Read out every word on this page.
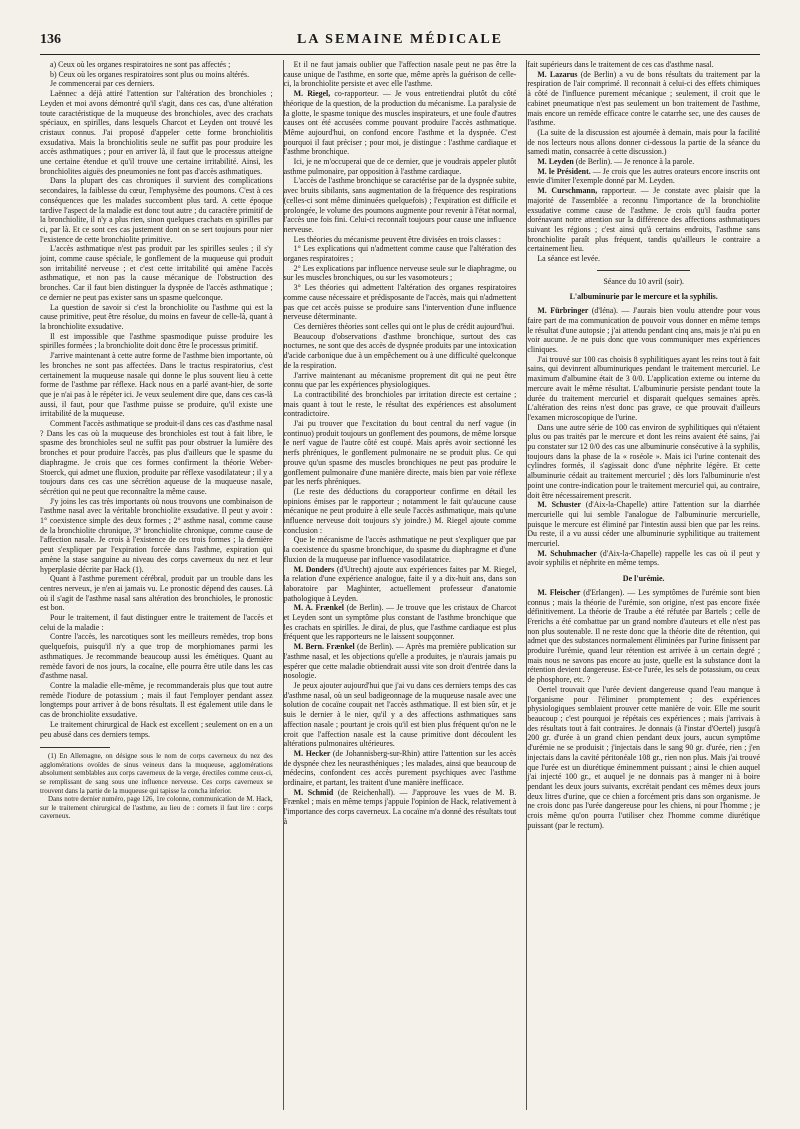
136	LA SEMAINE MÉDICALE

a) Ceux où les organes respiratoires ne sont pas affectés ;

b) Ceux où les organes respiratoires sont plus ou moins altérés.

Je commencerai par ces derniers.

Laënnec a déjà attiré l'attention sur l'altération des bronchioles ; Leyden et moi avons démontré qu'il s'agit, dans ces cas, d'une altération toute caractéristique de la muqueuse des bronchioles, avec des crachats spéciaux, en spirilles, dans lesquels Charcot et Leyden ont trouvé les cristaux connus. J'ai proposé d'appeler cette forme bronchiolitis exsudativa. Mais la bronchiolitis seule ne suffit pas pour produire les accès asthmatiques ; pour en arriver là, il faut que le processus atteigne une certaine étendue et qu'il trouve une certaine irritabilité. Ainsi, les bronchiolites aiguës des pneumonies ne font pas d'accès asthmatiques.

Dans la plupart des cas chroniques il survient des complications secondaires, la faiblesse du cœur, l'emphysème des poumons. C'est à ces conséquences que les malades succombent plus tard. A cette époque tardive l'aspect de la maladie est donc tout autre ; du caractère primitif de la bronchiolite, il n'y a plus rien, sinon quelques crachats en spirilles par ci, par là. Et ce sont ces cas justement dont on se sert toujours pour nier l'existence de cette bronchiolite primitive.

L'accès asthmatique n'est pas produit par les spirilles seules ; il s'y joint, comme cause spéciale, le gonflement de la muqueuse qui produit son irritabilité nerveuse ; et c'est cette irritabilité qui amène l'accès asthmatique, et non pas la cause mécanique de l'obstruction des bronches. Car il faut bien distinguer la dyspnée de l'accès asthmatique ; ce dernier ne peut pas exister sans un spasme quelconque.

La question de savoir si c'est la bronchiolite ou l'asthme qui est la cause primitive, peut être résolue, du moins en faveur de celle-là, quant à la bronchiolite exsudative.

Il est impossible que l'asthme spasmodique puisse produire les spirilles formées ; la bronchiolite doit donc être le processus primitif.

J'arrive maintenant à cette autre forme de l'asthme bien importante, où les bronches ne sont pas affectées. Dans le tractus respiratorius, c'est certainement la muqueuse nasale qui donne le plus souvent lieu à cette forme de l'asthme par réflexe. Hack nous en a parlé avant-hier, de sorte que je n'ai pas à le répéter ici. Je veux seulement dire que, dans ces cas-là aussi, il faut, pour que l'asthme puisse se produire, qu'il existe une irritabilité de la muqueuse.

Comment l'accès asthmatique se produit-il dans ces cas d'asthme nasal ? Dans les cas où la muqueuse des bronchioles est tout à fait libre, le spasme des bronchioles seul ne suffit pas pour obstruer la lumière des bronches et pour produire l'accès, pas plus d'ailleurs que le spasme du diaphragme. Je crois que ces formes confirment la théorie Weber-Stoerck, qui admet une fluxion, produite par réflexe vasodilatateur ; il y a toujours dans ces cas une sécrétion aqueuse de la muqueuse nasale, sécrétion qui ne peut que reconnaître la même cause.

J'y joins les cas très importants où nous trouvons une combinaison de l'asthme nasal avec la véritable bronchiolite exsudative. Il peut y avoir : 1° coexistence simple des deux formes ; 2° asthme nasal, comme cause de la bronchiolite chronique, 3° bronchiolite chronique, comme cause de l'affection nasale. Je crois à l'existence de ces trois formes ; la dernière peut s'expliquer par l'expiration forcée dans l'asthme, expiration qui amène la stase sanguine au niveau des corps caverneux du nez et leur hyperplasie décrite par Hack (1).

Quant à l'asthme purement cérébral, produit par un trouble dans les centres nerveux, je n'en ai jamais vu. Le pronostic dépend des causes. Là où il s'agit de l'asthme nasal sans altération des bronchioles, le pronostic est bon.

Pour le traitement, il faut distinguer entre le traitement de l'accès et celui de la maladie :

Contre l'accès, les narcotiques sont les meilleurs remèdes, trop bons quelquefois, puisqu'il n'y a que trop de morphiomanes parmi les asthmatiques. Je recommande beaucoup aussi les émétiques. Quant au remède favori de nos jours, la cocaïne, elle pourra être utile dans les cas d'asthme nasal.

Contre la maladie elle-même, je recommanderais plus que tout autre remède l'iodure de potassium ; mais il faut l'employer pendant assez longtemps pour arriver à de bons résultats. Il est également utile dans le cas de bronchiolite exsudative.

Le traitement chirurgical de Hack est excellent ; seulement on en a un peu abusé dans ces derniers temps.

(1) En Allemagne, on désigne sous le nom de corps caverneux du nez des agglomérations ovoïdes de sinus veineux dans la muqueuse, agglomérations absolument semblables aux corps caverneux de la verge, érectiles comme ceux-ci, se remplissant de sang sous une influence nerveuse. Ces corps caverneux se trouvent dans la partie de la muqueuse qui tapisse la concha inferior.

Dans notre dernier numéro, page 126, 1re colonne, communication de M. Hack, sur le traitement chirurgical de l'asthme, au lieu de : cornets il faut lire : corps caverneux.

Et il ne faut jamais oublier que l'affection nasale peut ne pas être la cause unique de l'asthme, en sorte que, même après la guérison de celle-ci, la bronchiolite persiste et avec elle l'asthme.

M. Riegel, co-rapporteur. — Je vous entretiendrai plutôt du côté théorique de la question, de la production du mécanisme. La paralysie de la glotte, le spasme tonique des muscles inspirateurs, et une foule d'autres causes ont été accusées comme pouvant produire l'accès asthmatique. Même aujourd'hui, on confond encore l'asthme et la dyspnée. C'est pourquoi il faut préciser ; pour moi, je distingue : l'asthme cardiaque et l'asthme bronchique.

Ici, je ne m'occuperai que de ce dernier, que je voudrais appeler plutôt asthme pulmonaire, par opposition à l'asthme cardiaque.

L'accès de l'asthme bronchique se caractérise par de la dyspnée subite, avec bruits sibilants, sans augmentation de la fréquence des respirations (celles-ci sont même diminuées quelquefois) ; l'expiration est difficile et prolongée, le volume des poumons augmente pour revenir à l'état normal, l'accès une fois fini. Celui-ci reconnaît toujours pour cause une influence nerveuse.

Les théories du mécanisme peuvent être divisées en trois classes :

1° Les explications qui n'admettent comme cause que l'altération des organes respiratoires ;

2° Les explications par influence nerveuse seule sur le diaphragme, ou sur les muscles bronchiques, ou sur les vasomoteurs ;

3° Les théories qui admettent l'altération des organes respiratoires comme cause nécessaire et prédisposante de l'accès, mais qui n'admettent pas que cet accès puisse se produire sans l'intervention d'une influence nerveuse déterminante.

Ces dernières théories sont celles qui ont le plus de crédit aujourd'hui.

Beaucoup d'observations d'asthme bronchique, surtout des cas nocturnes, ne sont que des accès de dyspnée produits par une intoxication d'acide carbonique due à un empêchement ou à une difficulté quelconque de la respiration.

J'arrive maintenant au mécanisme proprement dit qui ne peut être connu que par les expériences physiologiques.

La contractibilité des bronchioles par irritation directe est certaine ; mais quant à tout le reste, le résultat des expériences est absolument contradictoire.

J'ai pu trouver que l'excitation du bout central du nerf vague (in continuo) produit toujours un gonflement des poumons, de même lorsque le nerf vague de l'autre côté est coupé. Mais après avoir sectionné les nerfs phréniques, le gonflement pulmonaire ne se produit plus. Ce qui prouve qu'un spasme des muscles bronchiques ne peut pas produire le gonflement pulmonaire d'une manière directe, mais bien par voie réflexe par les nerfs phréniques.

(Le reste des déductions du corapporteur confirme en détail les opinions émises par le rapporteur ; notamment le fait qu'aucune cause mécanique ne peut produire à elle seule l'accès asthmatique, mais qu'une influence nerveuse doit toujours s'y joindre.) M. Riegel ajoute comme conclusion :

Que le mécanisme de l'accès asthmatique ne peut s'expliquer que par la coexistence du spasme bronchique, du spasme du diaphragme et d'une fluxion de la muqueuse par influence vasodilatatrice.

M. Donders (d'Utrecht) ajoute aux expériences faites par M. Riegel, la relation d'une expérience analogue, faite il y a dix-huit ans, dans son laboratoire par Maghinter, actuellement professeur d'anatomie pathologique à Leyden.

M. A. Frænkel (de Berlin). — Je trouve que les cristaux de Charcot et Leyden sont un symptôme plus constant de l'asthme bronchique que les crachats en spirilles. Je dirai, de plus, que l'asthme cardiaque est plus fréquent que les rapporteurs ne le laissent soupçonner.

M. Bern. Frænkel (de Berlin). — Après ma première publication sur l'asthme nasal, et les objections qu'elle a produites, je n'aurais jamais pu espérer que cette maladie obtiendrait aussi vite son droit d'entrée dans la nosologie.

Je peux ajouter aujourd'hui que j'ai vu dans ces derniers temps des cas d'asthme nasal, où un seul badigeonnage de la muqueuse nasale avec une solution de cocaïne coupait net l'accès asthmatique. Il est bien sûr, et je suis le dernier à le nier, qu'il y a des affections asthmatiques sans affection nasale ; pourtant je crois qu'il est bien plus fréquent qu'on ne le croit que l'affection nasale est la cause primitive dont découlent les altérations pulmonaires ultérieures.

M. Hecker (de Johannisberg-sur-Rhin) attire l'attention sur les accès de dyspnée chez les neurasthéniques ; les malades, ainsi que beaucoup de médecins, confondent ces accès purement psychiques avec l'asthme ordinaire, et partant, les traitent d'une manière inefficace.

M. Schmid (de Reichenhall). — J'approuve les vues de M. B. Frænkel ; mais en même temps j'appuie l'opinion de Hack, relativement à l'importance des corps caverneux. La cocaïne m'a donné des résultats tout à

fait supérieurs dans le traitement de ces cas d'asthme nasal.

M. Lazarus (de Berlin) a vu de bons résultats du traitement par la respiration de l'air comprimé. Il reconnait à celui-ci des effets chimiques à côté de l'influence purement mécanique ; seulement, il croit que le cabinet pneumatique n'est pas seulement un bon traitement de l'asthme, mais encore un remède efficace contre le catarrhe sec, une des causes de l'asthme.

(La suite de la discussion est ajournée à demain, mais pour la facilité de nos lecteurs nous allons donner ci-dessous la partie de la séance du samedi matin, consacrée à cette discussion.)

M. Leyden (de Berlin). — Je renonce à la parole.

M. le Président. — Je crois que les autres orateurs encore inscrits ont envie d'imiter l'exemple donné par M. Leyden.

M. Curschmann, rapporteur. — Je constate avec plaisir que la majorité de l'assemblée a reconnu l'importance de la bronchiolite exsudative comme cause de l'asthme. Je crois qu'il faudra porter dorénavant notre attention sur la différence des affections asthmatiques suivant les régions ; c'est ainsi qu'à certains endroits, l'asthme sans bronchiolite paraît plus fréquent, tandis qu'ailleurs le contraire a certainement lieu.

La séance est levée.

Séance du 10 avril (soir).
L'albuminurie par le mercure et la syphilis.

M. Fürbringer (d'Iéna). — J'aurais bien voulu attendre pour vous faire part de ma communication de pouvoir vous donner en même temps le résultat d'une autopsie ; j'ai attendu pendant cinq ans, mais je n'ai pu en voir aucune. Je ne puis donc que vous communiquer mes expériences cliniques.

J'ai trouvé sur 100 cas choisis 8 syphilitiques ayant les reins tout à fait sains, qui devinrent albuminuriques pendant le traitement mercuriel. Le maximum d'albumine était de 3 0/0. L'application externe ou interne du mercure avait le même résultat. L'albuminurie persiste pendant toute la durée du traitement mercuriel et disparait quelques semaines après. L'altération des reins n'est donc pas grave, ce que prouvait d'ailleurs l'examen microscopique de l'urine.

Dans une autre série de 100 cas environ de syphilitiques qui n'étaient plus ou pas traités par le mercure et dont les reins avaient été sains, j'ai pu constater sur 12 0/0 des cas une albuminurie consécutive à la syphilis, toujours dans la phase de la « roséole ». Mais ici l'urine contenait des cylindres formés, il s'agissait donc d'une néphrite légère. Et cette albuminurie cédait au traitement mercuriel ; dès lors l'albuminurie n'est point une contre-indication pour le traitement mercuriel qui, au contraire, doit être nécessairement prescrit.

M. Schuster (d'Aix-la-Chapelle) attire l'attention sur la diarrhée mercurielle qui lui semble l'analogue de l'albuminurie mercurielle, puisque le mercure est éliminé par l'intestin aussi bien que par les reins. Du reste, il a vu aussi céder une albuminurie syphilitique au traitement mercuriel.

M. Schuhmacher (d'Aix-la-Chapelle) rappelle les cas où il peut y avoir syphilis et néphrite en même temps.

De l'urémie.

M. Fleischer (d'Erlangen). — Les symptômes de l'urémie sont bien connus ; mais la théorie de l'urémie, son origine, n'est pas encore fixée définitivement. La théorie de Traube a été réfutée par Bartels ; celle de Frerichs a été combattue par un grand nombre d'auteurs et elle n'est pas non plus soutenable. Il ne reste donc que la théorie dite de rétention, qui admet que des substances normalement éliminées par l'urine finissent par produire l'urémie, quand leur rétention est arrivée à un certain degré ; mais nous ne savons pas encore au juste, quelle est la substance dont la rétention devient dangereuse. Est-ce l'urée, les sels de potassium, ou ceux de phosphore, etc. ?

Oertel trouvait que l'urée devient dangereuse quand l'eau manque à l'organisme pour l'éliminer promptement ; des expériences physiologiques semblaient prouver cette manière de voir. Elle me sourit beaucoup ; c'est pourquoi je répétais ces expériences ; mais j'arrivais à des résultats tout à fait contraires. Je donnais (à l'instar d'Oertel) jusqu'à 200 gr. d'urée à un grand chien pendant deux jours, aucun symptôme d'urémie ne se produisit ; j'injectais dans le sang 90 gr. d'urée, rien ; j'en injectais dans la cavité péritonéale 108 gr., rien non plus. Mais j'ai trouvé que l'urée est un diurétique éminemment puissant ; ainsi le chien auquel j'ai injecté 100 gr., et auquel je ne donnais pas à manger ni à boire pendant les deux jours suivants, excrétait pendant ces mêmes deux jours deux litres d'urine, que ce chien a forcément pris dans son organisme. Je ne crois donc pas l'urée dangereuse pour les chiens, ni pour l'homme ; je crois même qu'on pourra l'utiliser chez l'homme comme diurétique puissant (par le rectum).
